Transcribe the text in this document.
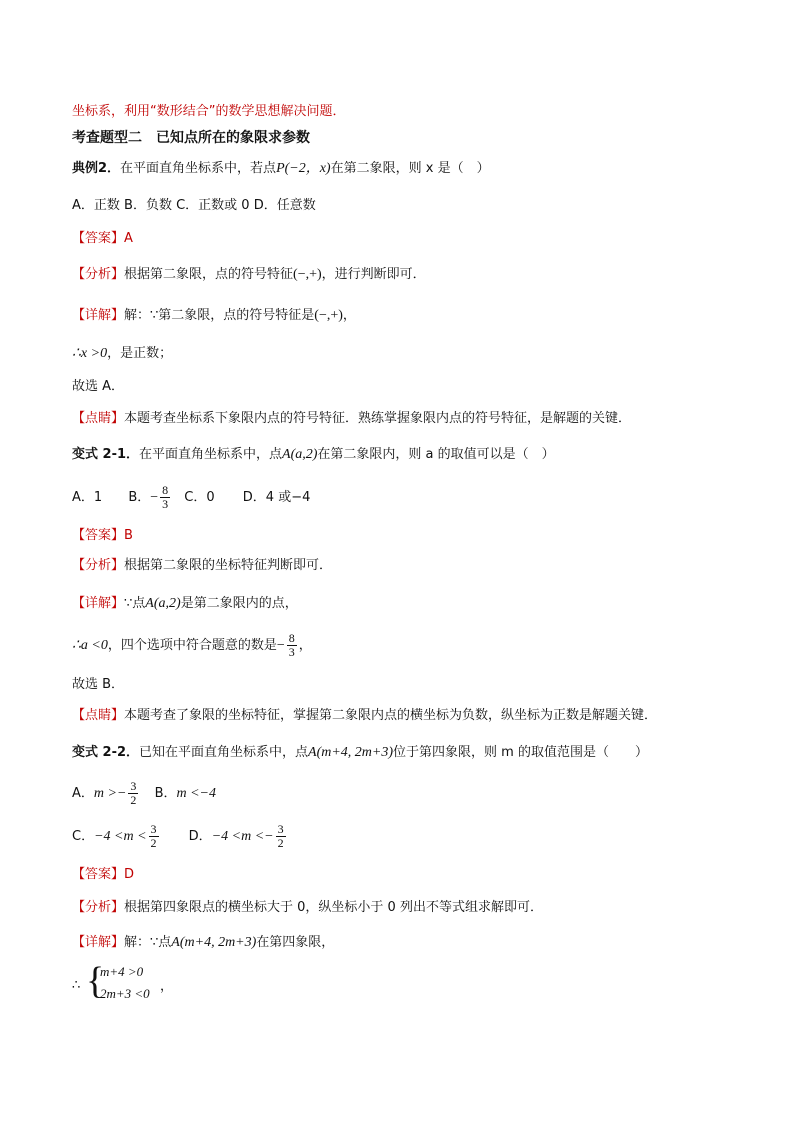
坐标系，利用“数形结合”的数学思想解决问题．
考查题型二　已知点所在的象限求参数
典例2．在平面直角坐标系中，若点P(−2，x)在第二象限，则 x 是（　）
A．正数 B．负数 C．正数或 0 D．任意数
【答案】A
【分析】根据第二象限，点的符号特征(−,+)，进行判断即可．
【详解】解：∵第二象限，点的符号特征是(−,+)，
∴x >0，是正数；
故选 A．
【点睛】本题考查坐标系下象限内点的符号特征．熟练掌握象限内点的符号特征，是解题的关键．
变式 2-1．在平面直角坐标系中，点A(a,2)在第二象限内，则 a 的取值可以是（　）
A．1 B．− $\frac{8}{3}$ C．0 D．4 或−4
【答案】B
【分析】根据第二象限的坐标特征判断即可．
【详解】∵点A(a,2)是第二象限内的点，
∴a <0，四个选项中符合题意的数是− $\frac{8}{3}$ ，
故选 B．
【点睛】本题考查了象限的坐标特征，掌握第二象限内点的横坐标为负数，纵坐标为正数是解题关键．
变式 2-2．已知在平面直角坐标系中，点A(m+4, 2m+3)位于第四象限，则 m 的取值范围是（　　）
A．$m >- \frac{3}{2}$ B．m <−4
C．$-4 <m < \frac{3}{2}$ D．$-4 <m <- \frac{3}{2}$
【答案】D
【分析】根据第四象限点的横坐标大于 0，纵坐标小于 0 列出不等式组求解即可．
【详解】解：∵点A(m+4, 2m+3)在第四象限，
∴ {
m+4 >0
2m+3 <0 ，
